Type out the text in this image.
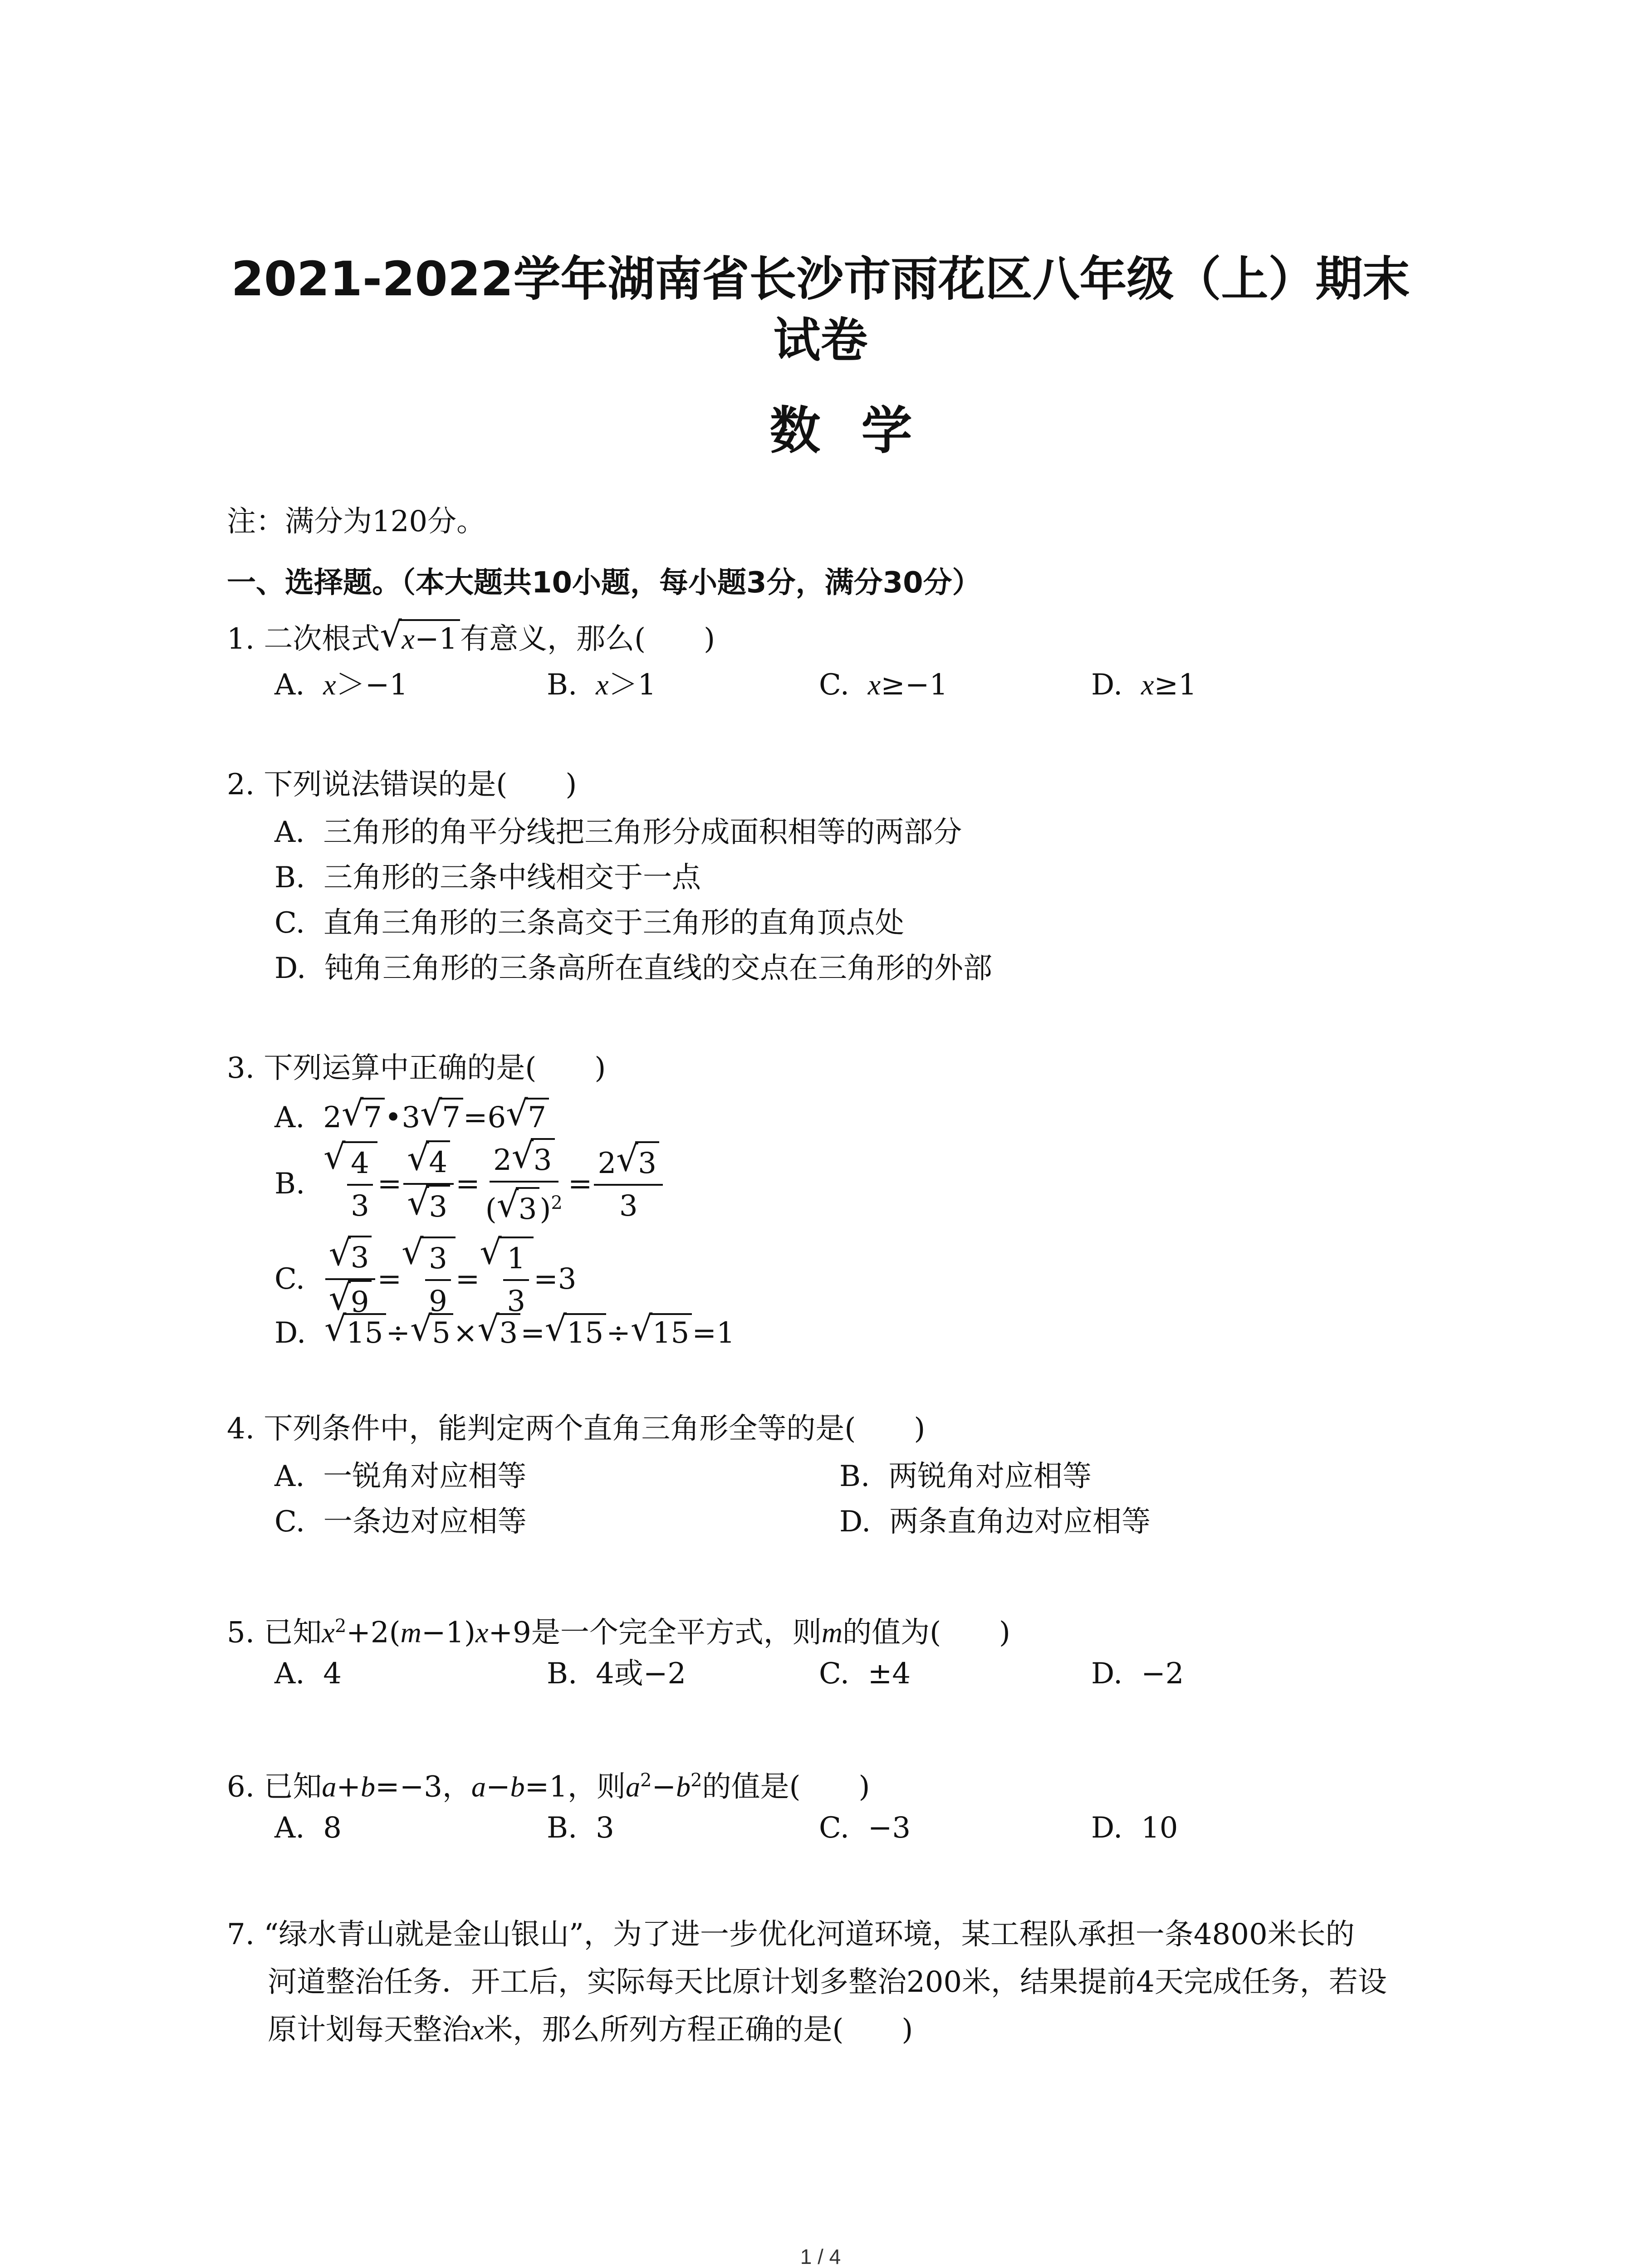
2021-2022学年湖南省长沙市雨花区八年级（上）期末
试卷
数学
注：满分为120分。
一、选择题。（本大题共10小题，每小题3分，满分30分）
1. 二次根式 √ x−1有意义，那么(　　)
A. x＞−1	B. x＞1	C. x≥−1	D. x≥1
2. 下列说法错误的是(　　)
A. 三角形的角平分线把三角形分成面积相等的两部分
B. 三角形的三条中线相交于一点
C. 直角三角形的三条高交于三角形的直角顶点处
D. 钝角三角形的三条高所在直线的交点在三角形的外部
3. 下列运算中正确的是(　　)
A. 2 √ 7•3 √ 7=6 √ 7
B.
√ $\frac{4}{3}$ = √ 4
√ $3 = \frac{2 √ 3}{( √ 3)^2} = \frac{2 √ 3}{3}$
C.
√ 3
√ 9 = √ $\frac{3}{9}$ = √ $\frac{1}{3} = 3$
D. √ 15÷ √ 5× √ 3= √ 15÷ √ 15=1
4. 下列条件中，能判定两个直角三角形全等的是(　　)
A. 一锐角对应相等	B. 两锐角对应相等
C. 一条边对应相等	D. 两条直角边对应相等
5. 已知$x^2+2(m-1)x+9$是一个完全平方式，则m的值为(　　)
A. 4	B. 4或−2	C. ±4	D. −2
6. 已知a+b=−3，a−b=1，则$a^2-b^2$的值是(　　)
A. 8	B. 3	C. −3	D. 10
7. “绿水青山就是金山银山”，为了进一步优化河道环境，某工程队承担一条4800米长的
河道整治任务．开工后，实际每天比原计划多整治200米，结果提前4天完成任务，若设
原计划每天整治x米，那么所列方程正确的是(　　)
1 / 4
